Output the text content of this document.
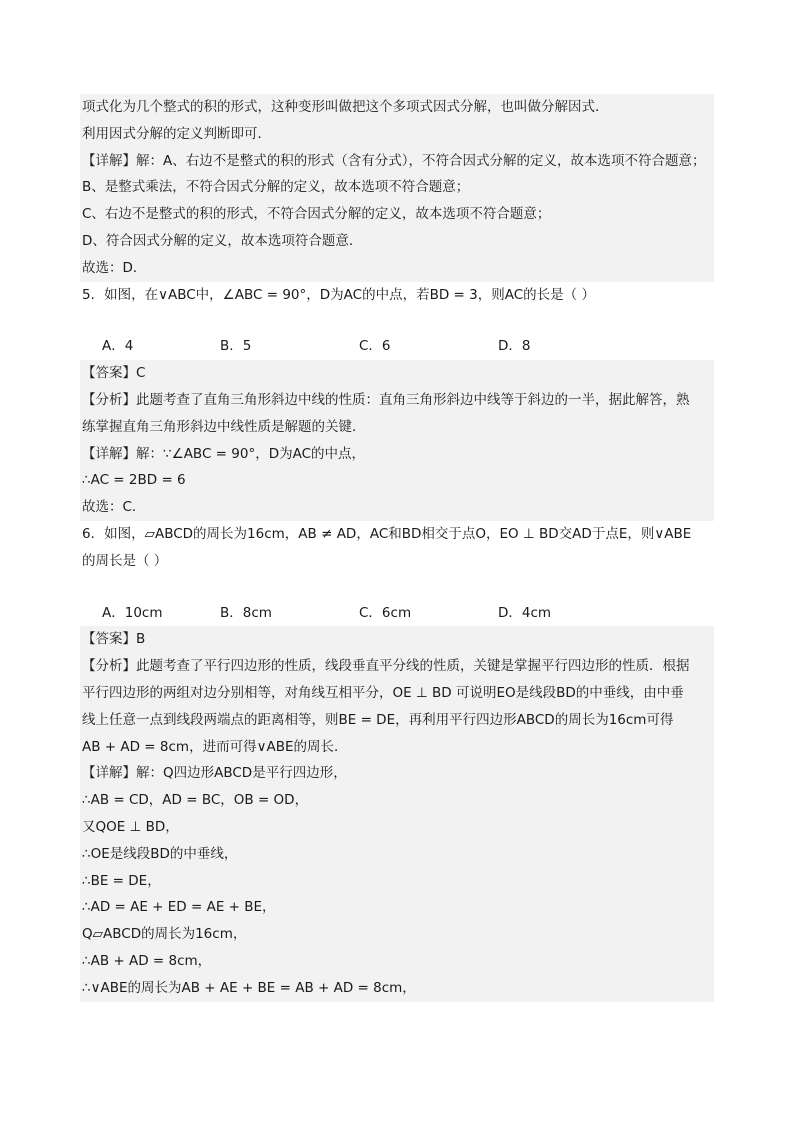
项式化为几个整式的积的形式，这种变形叫做把这个多项式因式分解，也叫做分解因式．
利用因式分解的定义判断即可．
【详解】解：A、右边不是整式的积的形式（含有分式），不符合因式分解的定义，故本选项不符合题意；
B、是整式乘法，不符合因式分解的定义，故本选项不符合题意；
C、右边不是整式的积的形式，不符合因式分解的定义，故本选项不符合题意；
D、符合因式分解的定义，故本选项符合题意．
故选：D．
5．如图，在∨ABC中，∠ABC = 90°，D为AC的中点，若BD = 3，则AC的长是（ ）
A．4	B．5	C．6	D．8
【答案】C
【分析】此题考查了直角三角形斜边中线的性质：直角三角形斜边中线等于斜边的一半，据此解答，熟
练掌握直角三角形斜边中线性质是解题的关键．
【详解】解：∵∠ABC = 90°，D为AC的中点，
∴AC = 2BD = 6
故选：C．
6．如图，▱ABCD的周长为16cm，AB ≠ AD，AC和BD相交于点O，EO ⊥ BD交AD于点E，则∨ABE
的周长是（ ）
A．10cm	B．8cm	C．6cm	D．4cm
【答案】B
【分析】此题考查了平行四边形的性质，线段垂直平分线的性质，关键是掌握平行四边形的性质．根据
平行四边形的两组对边分别相等，对角线互相平分，OE ⊥ BD 可说明EO是线段BD的中垂线，由中垂
线上任意一点到线段两端点的距离相等，则BE = DE，再利用平行四边形ABCD的周长为16cm可得
AB + AD = 8cm，进而可得∨ABE的周长．
【详解】解：Q四边形ABCD是平行四边形，
∴AB = CD，AD = BC，OB = OD，
又QOE ⊥ BD，
∴OE是线段BD的中垂线，
∴BE = DE，
∴AD = AE + ED = AE + BE，
Q▱ABCD的周长为16cm，
∴AB + AD = 8cm，
∴∨ABE的周长为AB + AE + BE = AB + AD = 8cm，
